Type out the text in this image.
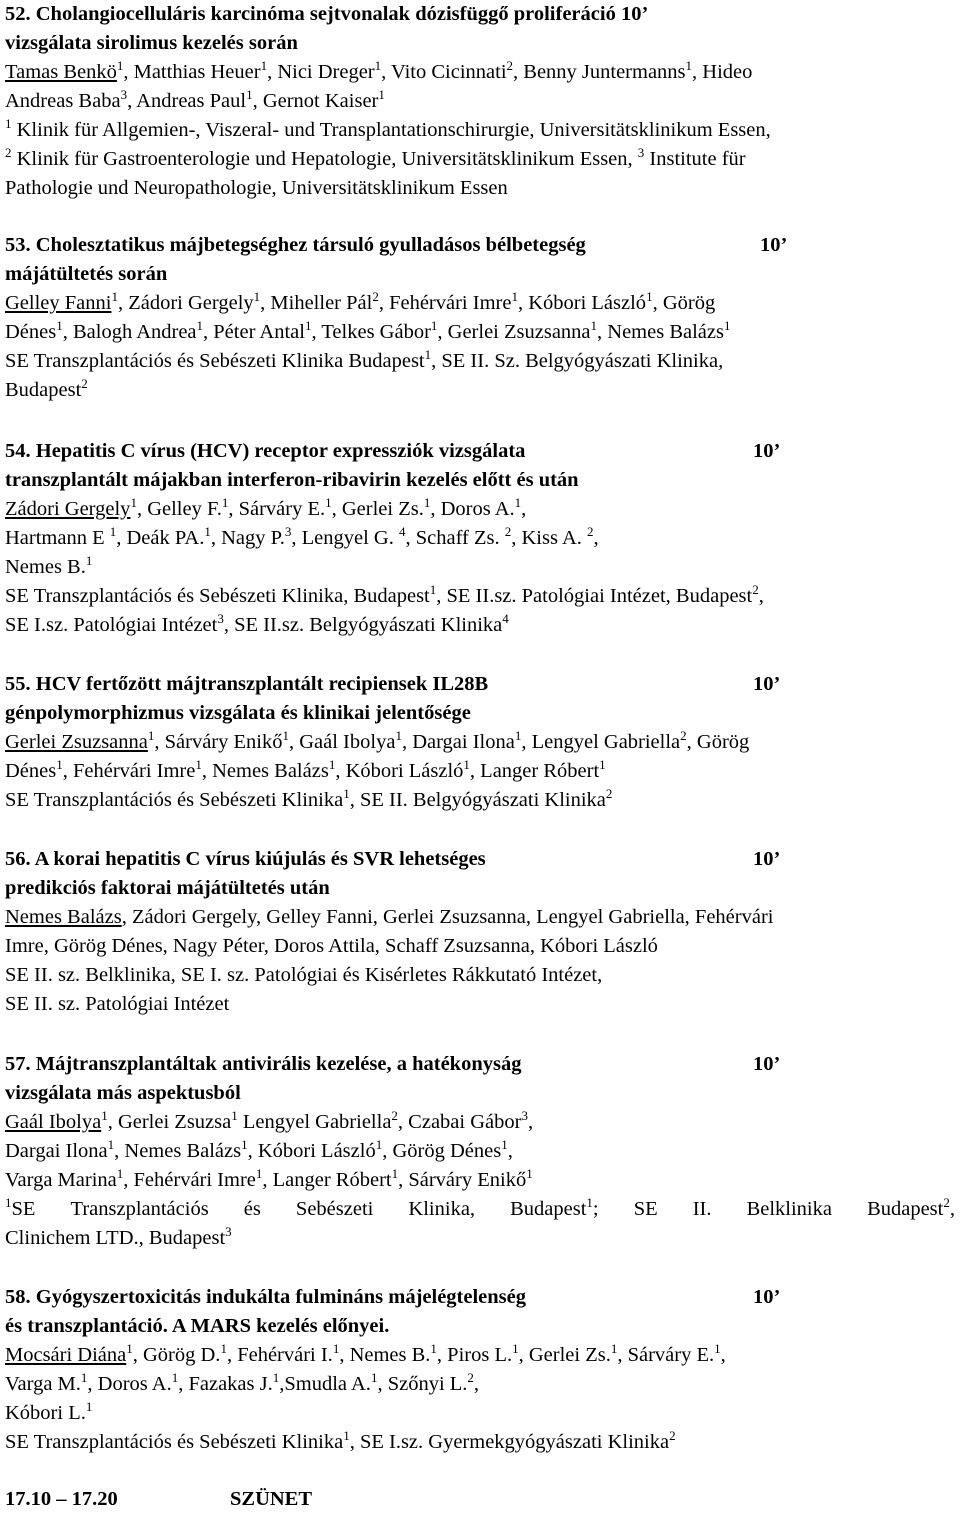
52. Cholangiocelluláris karcinóma sejtvonalak dózisfüggő proliferáció 10’
vizsgálata sirolimus kezelés során
Tamas Benkö$^1$, Matthias Heuer$^1$, Nici Dreger$^1$, Vito Cicinnati$^2$, Benny Juntermanns$^1$, Hideo
Andreas Baba$^3$, Andreas Paul$^1$, Gernot Kaiser$^1$
$^1$ Klinik für Allgemien-, Viszeral- und Transplantationschirurgie, Universitätsklinikum Essen,
$^2$ Klinik für Gastroenterologie und Hepatologie, Universitätsklinikum Essen, $^3$ Institute für
Pathologie und Neuropathologie, Universitätsklinikum Essen
53. Cholesztatikus májbetegséghez társuló gyulladásos bélbetegség	10’
májátültetés során
Gelley Fanni$^1$, Zádori Gergely$^1$, Miheller Pál$^2$, Fehérvári Imre$^1$, Kóbori László$^1$, Görög
Dénes$^1$, Balogh Andrea$^1$, Péter Antal$^1$, Telkes Gábor$^1$, Gerlei Zsuzsanna$^1$, Nemes Balázs$^1$
SE Transzplantációs és Sebészeti Klinika Budapest$^1$, SE II. Sz. Belgyógyászati Klinika,
Budapest$^2$
54. Hepatitis C vírus (HCV) receptor expressziók vizsgálata	10’
transzplantált májakban interferon-ribavirin kezelés előtt és után
Zádori Gergely$^1$, Gelley F.$^1$, Sárváry E.$^1$, Gerlei Zs.$^1$, Doros A.$^1$,
Hartmann E $^1$, Deák PA.$^1$, Nagy P.$^3$, Lengyel G. $^4$, Schaff Zs. $^2$, Kiss A. $^2$,
Nemes B.$^1$
SE Transzplantációs és Sebészeti Klinika, Budapest$^1$, SE II.sz. Patológiai Intézet, Budapest$^2$,
SE I.sz. Patológiai Intézet$^3$, SE II.sz. Belgyógyászati Klinika$^4$
55. HCV fertőzött májtranszplantált recipiensek IL28B	10’
génpolymorphizmus vizsgálata és klinikai jelentősége
Gerlei Zsuzsanna$^1$, Sárváry Enikő$^1$, Gaál Ibolya$^1$, Dargai Ilona$^1$, Lengyel Gabriella$^2$, Görög
Dénes$^1$, Fehérvári Imre$^1$, Nemes Balázs$^1$, Kóbori László$^1$, Langer Róbert$^1$
SE Transzplantációs és Sebészeti Klinika$^1$, SE II. Belgyógyászati Klinika$^2$
56. A korai hepatitis C vírus kiújulás és SVR lehetséges	10’
predikciós faktorai májátültetés után
Nemes Balázs, Zádori Gergely, Gelley Fanni, Gerlei Zsuzsanna, Lengyel Gabriella, Fehérvári
Imre, Görög Dénes, Nagy Péter, Doros Attila, Schaff Zsuzsanna, Kóbori László
SE II. sz. Belklinika, SE I. sz. Patológiai és Kisérletes Rákkutató Intézet,
SE II. sz. Patológiai Intézet
57. Májtranszplantáltak antivirális kezelése, a hatékonyság	10’
vizsgálata más aspektusból
Gaál Ibolya$^1$, Gerlei Zsuzsa$^1$ Lengyel Gabriella$^2$, Czabai Gábor$^3$,
Dargai Ilona$^1$, Nemes Balázs$^1$, Kóbori László$^1$, Görög Dénes$^1$,
Varga Marina$^1$, Fehérvári Imre$^1$, Langer Róbert$^1$, Sárváry Enikő$^1$
$^1$SE Transzplantációs és Sebészeti Klinika, Budapest$^1$; SE II. Belklinika Budapest$^2$,
Clinichem LTD., Budapest$^3$
58. Gyógyszertoxicitás indukálta fulmináns májelégtelenség	10’
és transzplantáció. A MARS kezelés előnyei.
Mocsári Diána$^1$, Görög D.$^1$, Fehérvári I.$^1$, Nemes B.$^1$, Piros L.$^1$, Gerlei Zs.$^1$, Sárváry E.$^1$,
Varga M.$^1$, Doros A.$^1$, Fazakas J.$^1$,Smudla A.$^1$, Szőnyi L.$^2$,
Kóbori L.$^1$
SE Transzplantációs és Sebészeti Klinika$^1$, SE I.sz. Gyermekgyógyászati Klinika$^2$
17.10 – 17.20	SZÜNET
